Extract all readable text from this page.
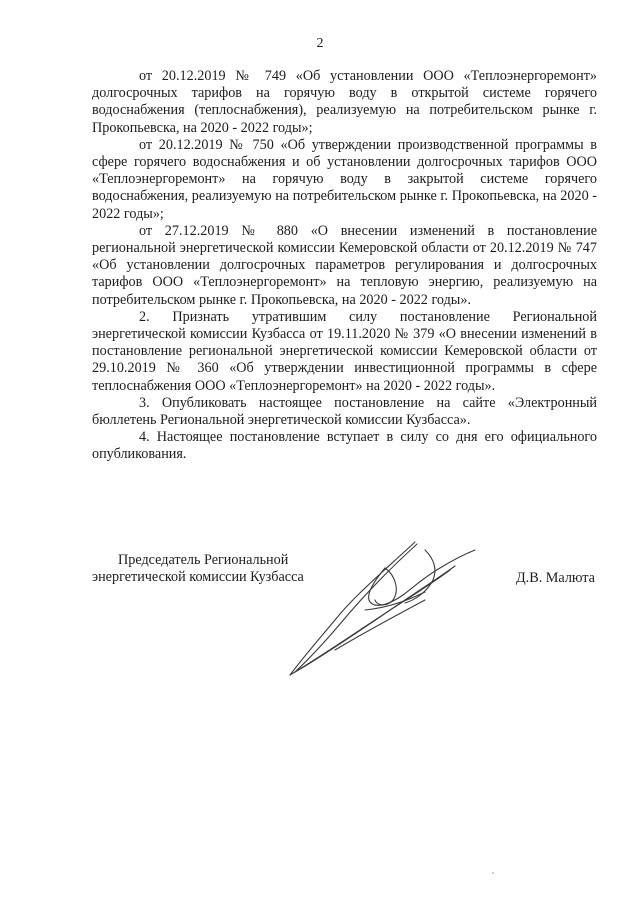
2

от 20.12.2019 № 749 «Об установлении ООО «Теплоэнергоремонт» долгосрочных тарифов на горячую воду в открытой системе горячего водоснабжения (теплоснабжения), реализуемую на потребительском рынке г. Прокопьевска, на 2020 - 2022 годы»;

от 20.12.2019 № 750 «Об утверждении производственной программы в сфере горячего водоснабжения и об установлении долгосрочных тарифов ООО «Теплоэнергоремонт» на горячую воду в закрытой системе горячего водоснабжения, реализуемую на потребительском рынке г. Прокопьевска, на 2020 - 2022 годы»;

от 27.12.2019 № 880 «О внесении изменений в постановление региональной энергетической комиссии Кемеровской области от 20.12.2019 № 747 «Об установлении долгосрочных параметров регулирования и долгосрочных тарифов ООО «Теплоэнергоремонт» на тепловую энергию, реализуемую на потребительском рынке г. Прокопьевска, на 2020 - 2022 годы».

2. Признать утратившим силу постановление Региональной энергетической комиссии Кузбасса от 19.11.2020 № 379 «О внесении изменений в постановление региональной энергетической комиссии Кемеровской области от 29.10.2019 № 360 «Об утверждении инвестиционной программы в сфере теплоснабжения ООО «Теплоэнергоремонт» на 2020 - 2022 годы».

3. Опубликовать настоящее постановление на сайте «Электронный бюллетень Региональной энергетической комиссии Кузбасса».

4. Настоящее постановление вступает в силу со дня его официального опубликования.

Председатель Региональной
энергетической комиссии Кузбасса	Д.В. Малюта
